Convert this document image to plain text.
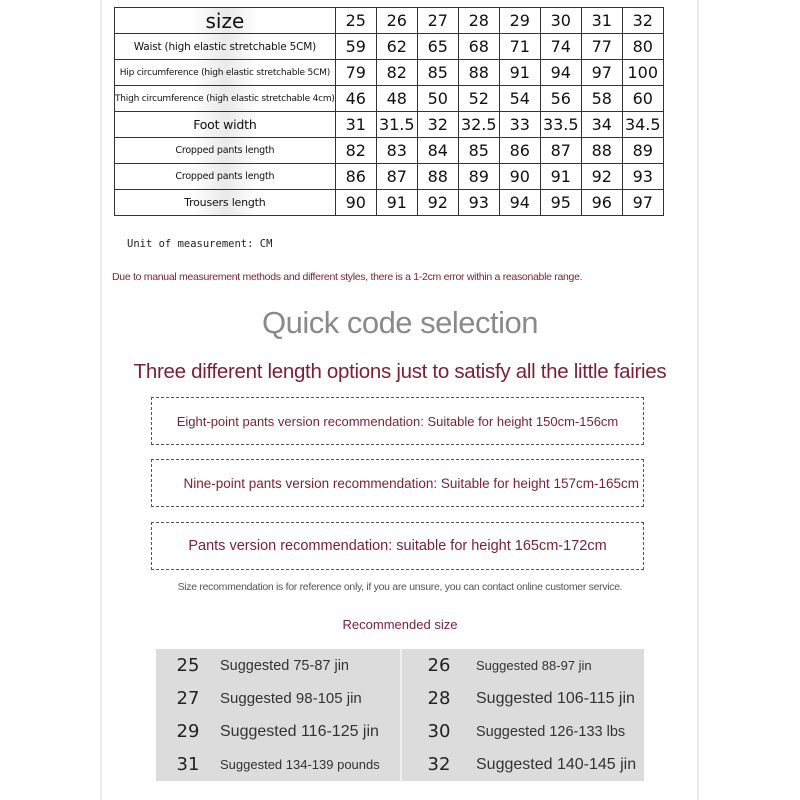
size	25	26	27	28	29	30	31	32
Waist (high elastic stretchable 5CM)	59	62	65	68	71	74	77	80
Hip circumference (high elastic stretchable 5CM)	79	82	85	88	91	94	97	100
Thigh circumference (high elastic stretchable 4cm)	46	48	50	52	54	56	58	60
Foot width	31	31.5	32	32.5	33	33.5	34	34.5
Cropped pants length	82	83	84	85	86	87	88	89
Cropped pants length	86	87	88	89	90	91	92	93
Trousers length	90	91	92	93	94	95	96	97
Unit of measurement: CM
Due to manual measurement methods and different styles, there is a 1-2cm error within a reasonable range.
Quick code selection
Three different length options just to satisfy all the little fairies
Eight-point pants version recommendation: Suitable for height 150cm-156cm
Nine-point pants version recommendation: Suitable for height 157cm-165cm
Pants version recommendation: suitable for height 165cm-172cm
Size recommendation is for reference only, if you are unsure, you can contact online customer service.
Recommended size
25	Suggested 75-87 jin	26	Suggested 88-97 jin
27	Suggested 98-105 jin	28	Suggested 106-115 jin
29	Suggested 116-125 jin	30	Suggested 126-133 lbs
31	Suggested 134-139 pounds	32	Suggested 140-145 jin
